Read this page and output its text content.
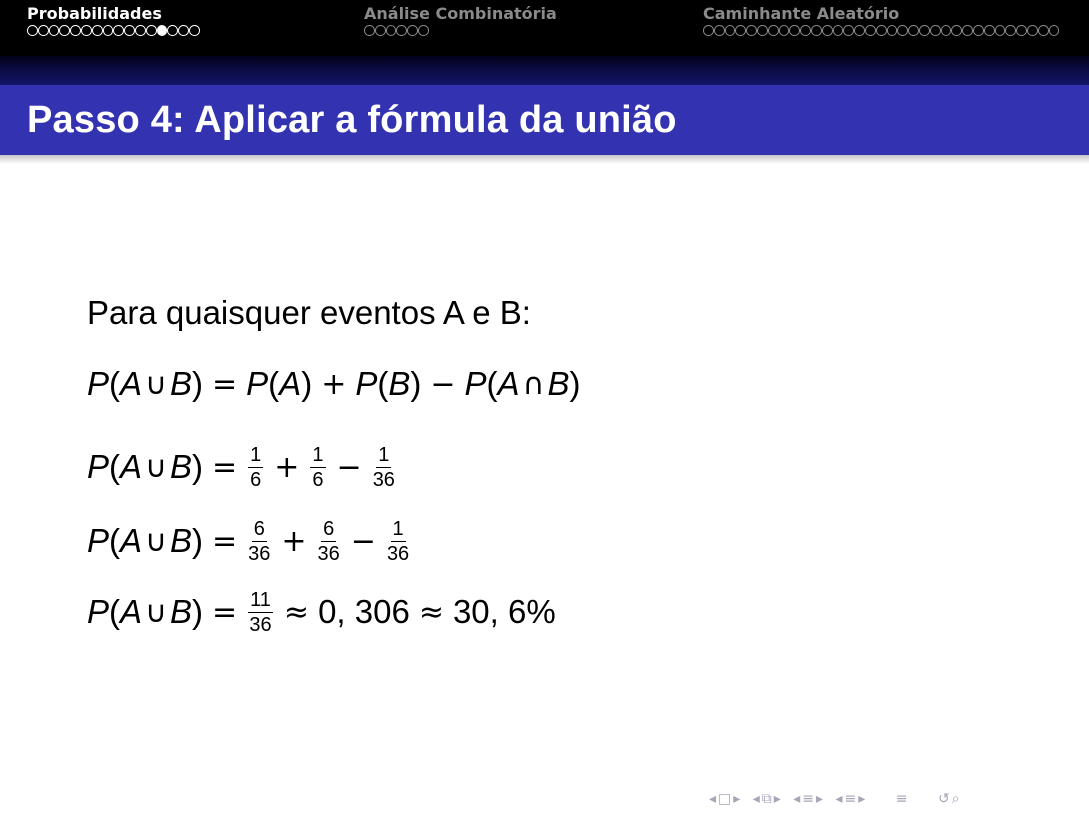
Probabilidades	Análise Combinatória	Caminhante Aleatório
Passo 4: Aplicar a fórmula da união
Para quaisquer eventos A e B:
P ( A ∪ B ) = P ( A ) + P ( B ) − P ( A ∩ B )
P ( A ∪ B ) = $\frac{1}{6} + \frac{1}{6} - \frac{1}{36}$
P ( A ∪ B ) = $\frac{6}{36} + \frac{6}{36} - \frac{1}{36}$
P ( A ∪ B ) = $\frac{11}{36} \approx 0$, 306 ≈ 30, 6%
◂ □ ▸ ◂ ⧉ ▸ ◂ ≡ ▸ ◂ ≡ ▸ ≡ ↺ ⌕
